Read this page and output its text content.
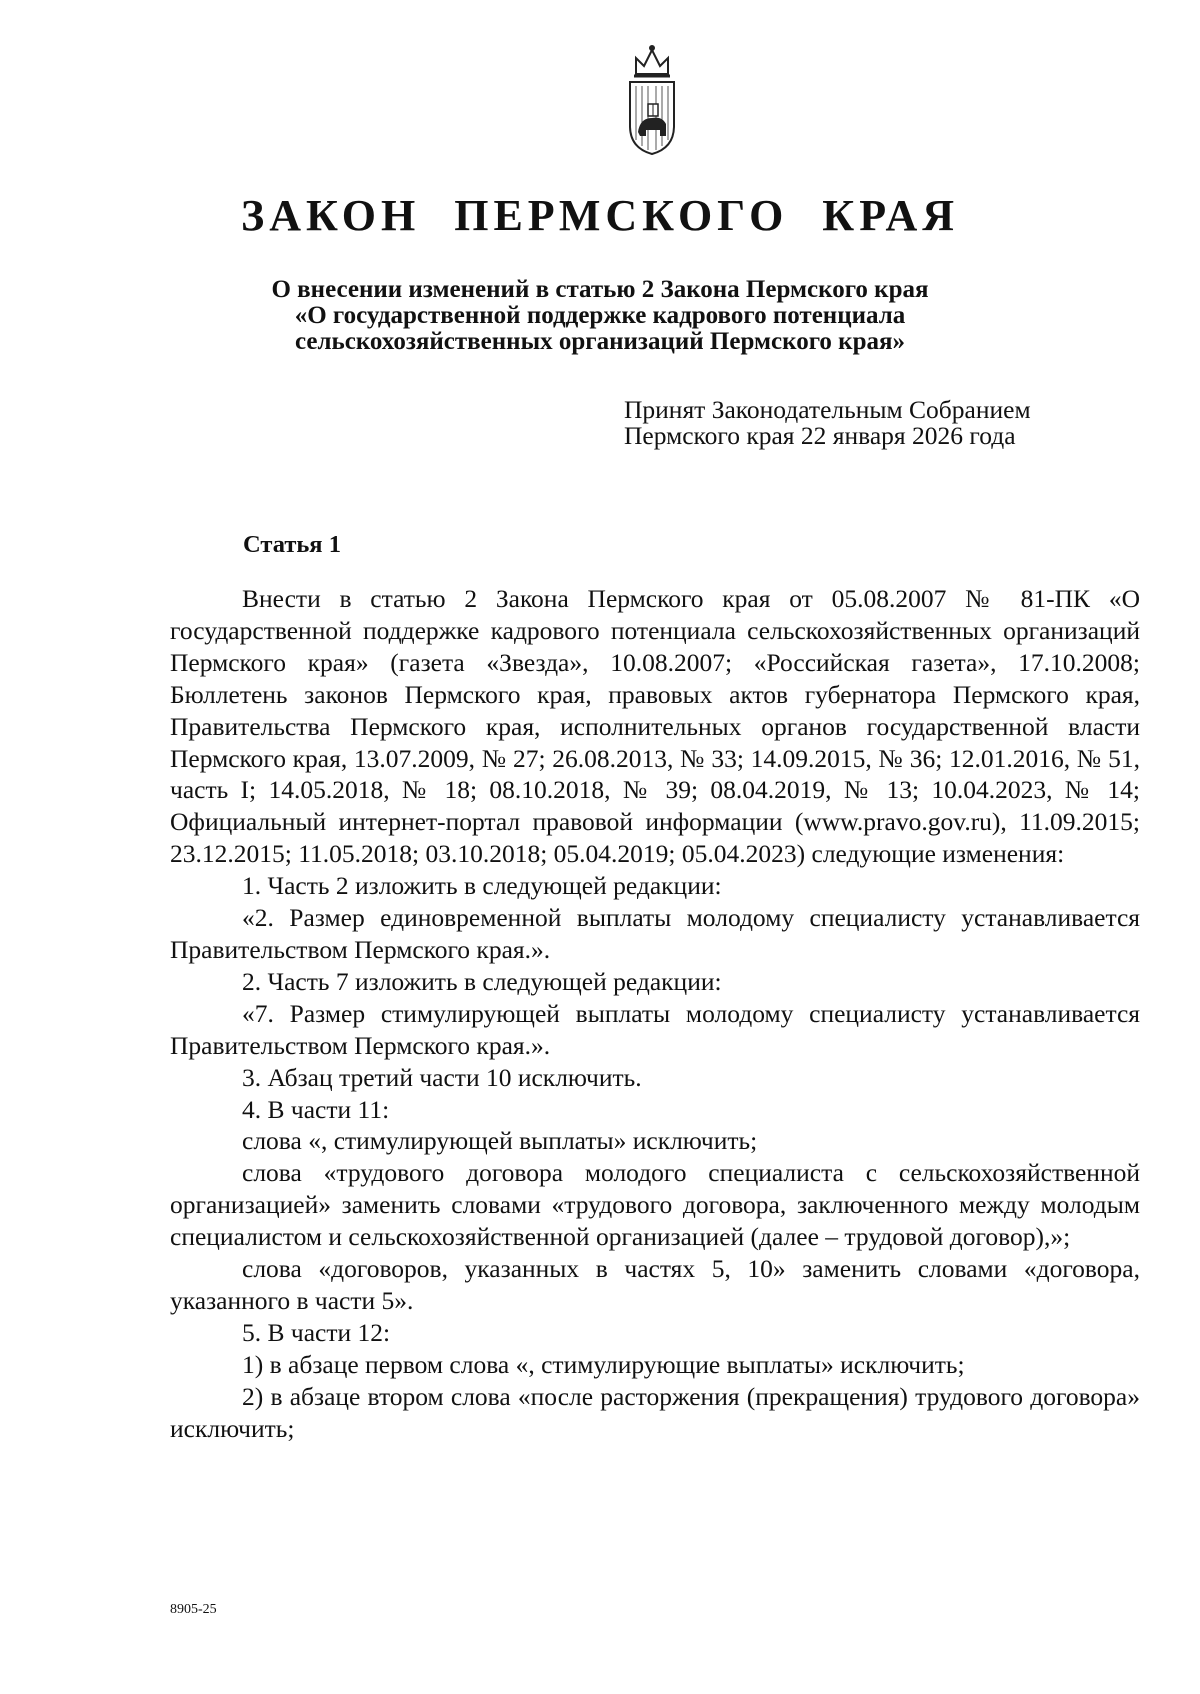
ЗАКОН ПЕРМСКОГО КРАЯ
О внесении изменений в статью 2 Закона Пермского края
«О государственной поддержке кадрового потенциала
сельскохозяйственных организаций Пермского края»
Принят Законодательным Собранием
Пермского края 22 января 2026 года
Статья 1

Внести в статью 2 Закона Пермского края от 05.08.2007 № 81-ПК «О государственной поддержке кадрового потенциала сельскохозяйственных организаций Пермского края» (газета «Звезда», 10.08.2007; «Российская газета», 17.10.2008; Бюллетень законов Пермского края, правовых актов губернатора Пермского края, Правительства Пермского края, исполнительных органов государственной власти Пермского края, 13.07.2009, № 27; 26.08.2013, № 33; 14.09.2015, № 36; 12.01.2016, № 51, часть I; 14.05.2018, № 18; 08.10.2018, № 39; 08.04.2019, № 13; 10.04.2023, № 14; Официальный интернет-портал правовой информации (www.pravo.gov.ru), 11.09.2015; 23.12.2015; 11.05.2018; 03.10.2018; 05.04.2019; 05.04.2023) следующие изменения:

1. Часть 2 изложить в следующей редакции:

«2. Размер единовременной выплаты молодому специалисту устанавливается Правительством Пермского края.».

2. Часть 7 изложить в следующей редакции:

«7. Размер стимулирующей выплаты молодому специалисту устанавливается Правительством Пермского края.».

3. Абзац третий части 10 исключить.

4. В части 11:

слова «, стимулирующей выплаты» исключить;

слова «трудового договора молодого специалиста с сельскохозяйственной организацией» заменить словами «трудового договора, заключенного между молодым специалистом и сельскохозяйственной организацией (далее – трудовой договор),»;

слова «договоров, указанных в частях 5, 10» заменить словами «договора, указанного в части 5».

5. В части 12:

1) в абзаце первом слова «, стимулирующие выплаты» исключить;

2) в абзаце втором слова «после расторжения (прекращения) трудового договора» исключить;

8905-25
